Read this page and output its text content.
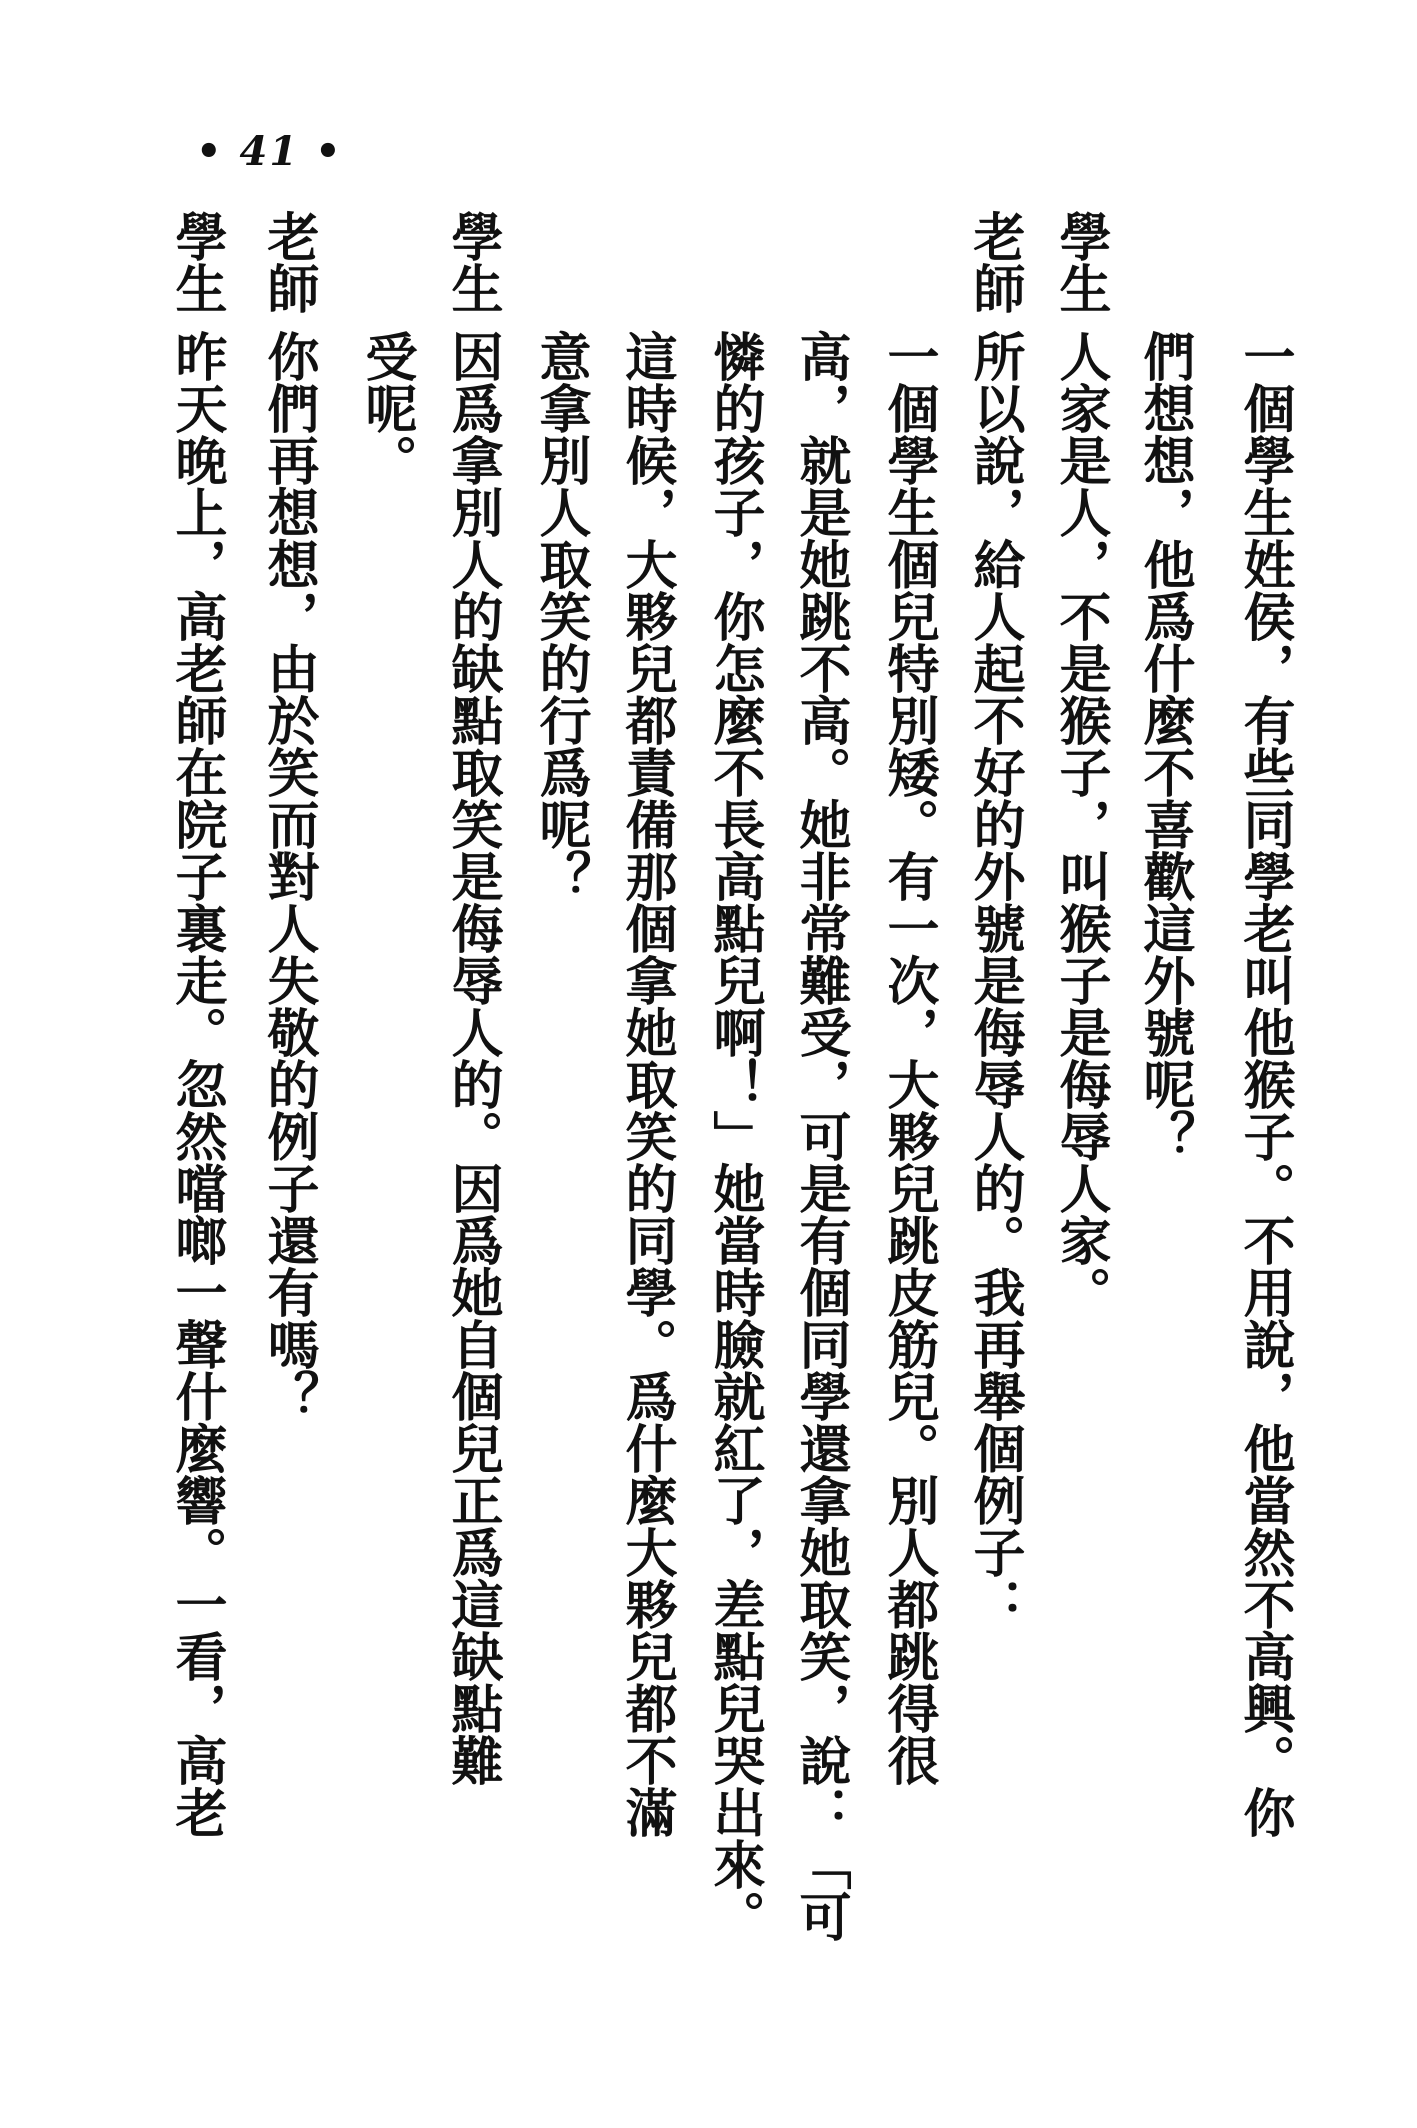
• 41 •
一個學生姓侯，有些同學老叫他猴子。不用說，他當然不高興。你
們想想，他爲什麼不喜歡這外號呢？
學生
人家是人，不是猴子，叫猴子是侮辱人家。
老師
所以說，給人起不好的外號是侮辱人的。我再舉個例子：
一個學生個兒特別矮。有一次，大夥兒跳皮筋兒。別人都跳得很
高，就是她跳不高。她非常難受，可是有個同學還拿她取笑，說：「可
憐的孩子，你怎麼不長高點兒啊！」她當時臉就紅了，差點兒哭出來。
這時候，大夥兒都責備那個拿她取笑的同學。爲什麼大夥兒都不滿
意拿別人取笑的行爲呢？
學生
因爲拿別人的缺點取笑是侮辱人的。因爲她自個兒正爲這缺點難
受呢。
老師
你們再想想，由於笑而對人失敬的例子還有嗎？
學生
昨天晚上，高老師在院子裏走。忽然噹啷一聲什麼響。一看，高老
